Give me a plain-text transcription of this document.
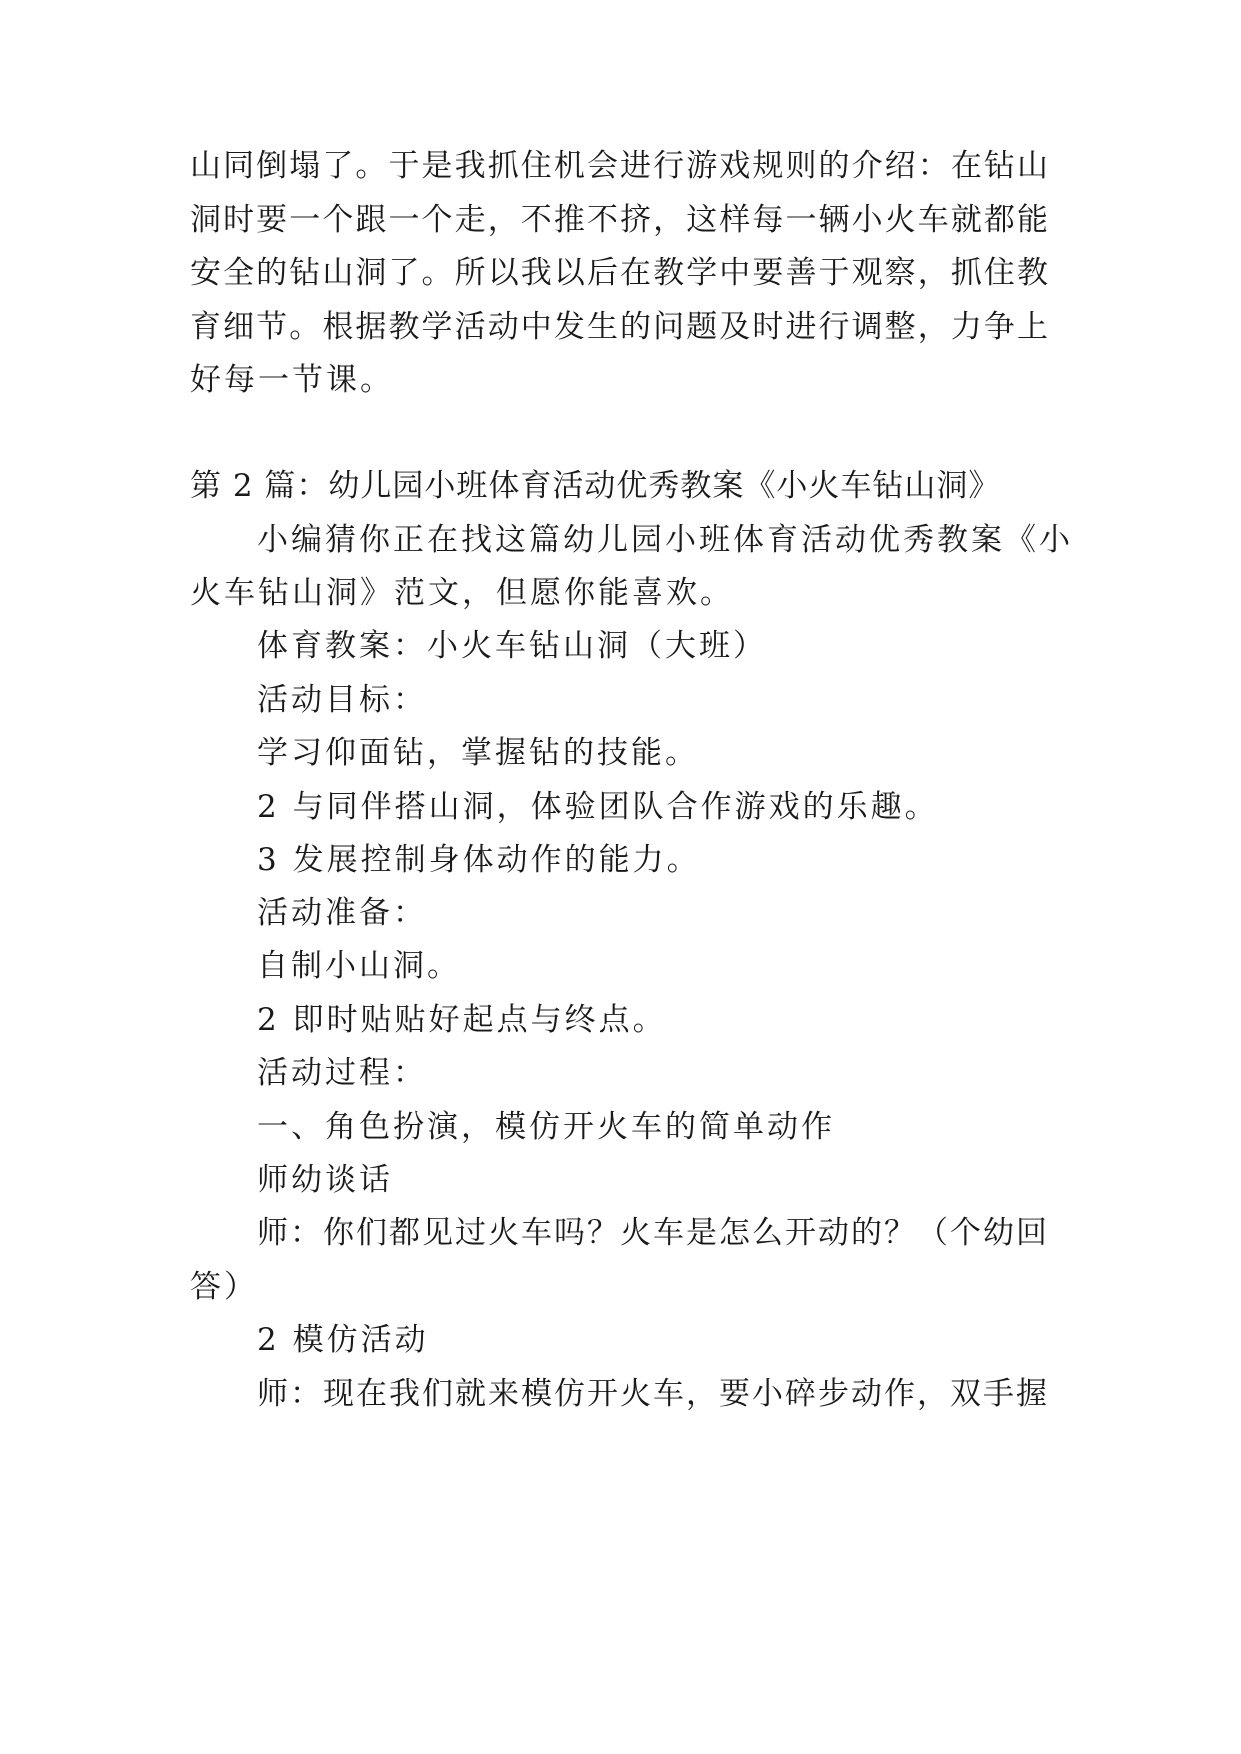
山同倒塌了。于是我抓住机会进行游戏规则的介绍：在钻山
洞时要一个跟一个走，不推不挤，这样每一辆小火车就都能
安全的钻山洞了。所以我以后在教学中要善于观察，抓住教
育细节。根据教学活动中发生的问题及时进行调整，力争上
好每一节课。
第 2 篇：幼儿园小班体育活动优秀教案《小火车钻山洞》
小编猜你正在找这篇幼儿园小班体育活动优秀教案《小
火车钻山洞》范文，但愿你能喜欢。
体育教案：小火车钻山洞（大班）
活动目标：
学习仰面钻，掌握钻的技能。
2 与同伴搭山洞，体验团队合作游戏的乐趣。
3 发展控制身体动作的能力。
活动准备：
自制小山洞。
2 即时贴贴好起点与终点。
活动过程：
一、角色扮演，模仿开火车的简单动作
师幼谈话
师：你们都见过火车吗？火车是怎么开动的？（个幼回
答）
2 模仿活动
师：现在我们就来模仿开火车，要小碎步动作，双手握
